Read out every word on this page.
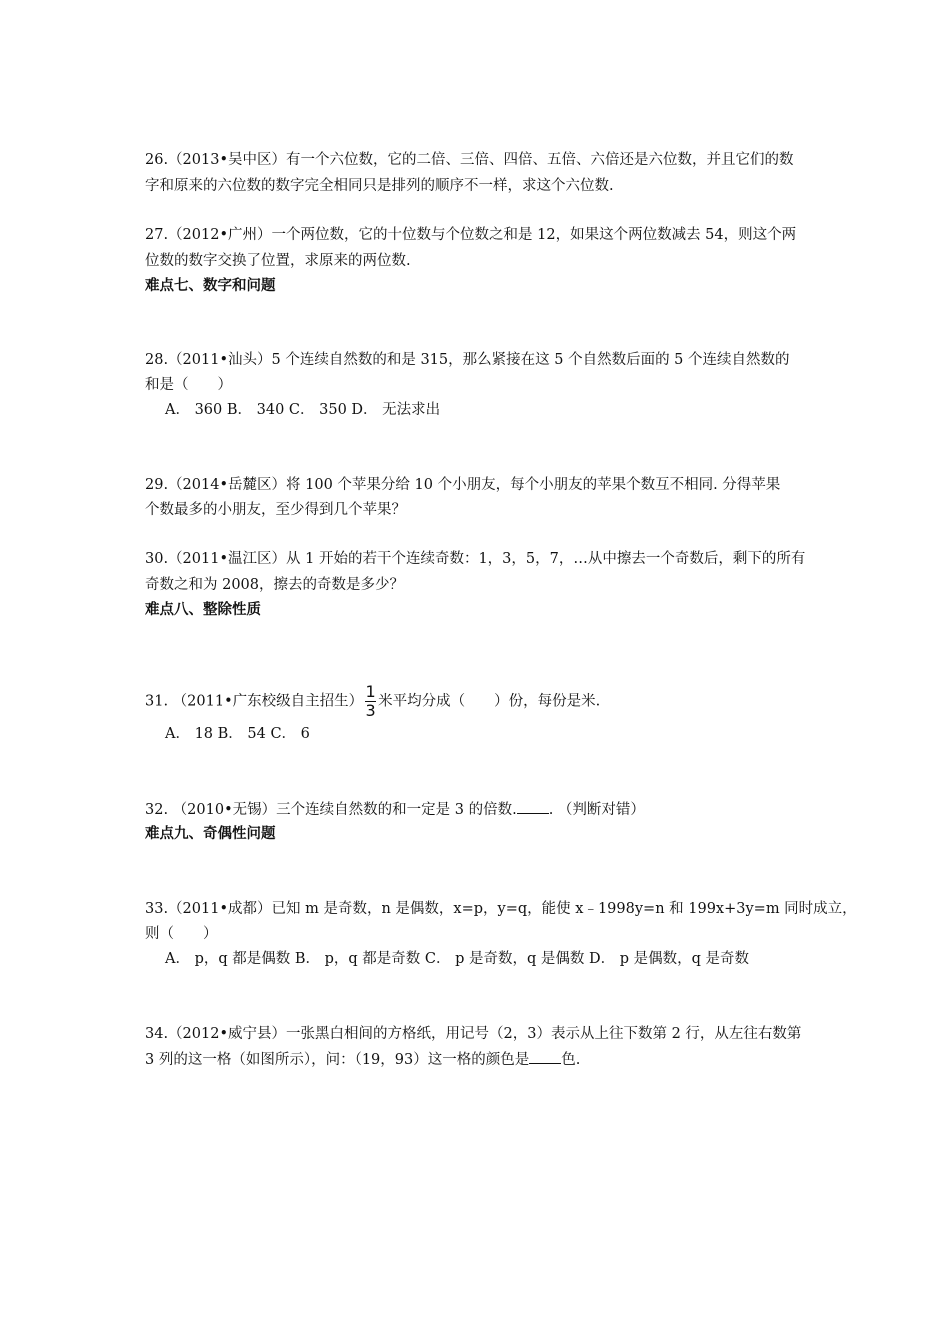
26.（2013•吴中区）有一个六位数，它的二倍、三倍、四倍、五倍、六倍还是六位数，并且它们的数
字和原来的六位数的数字完全相同只是排列的顺序不一样，求这个六位数.
27.（2012•广州）一个两位数，它的十位数与个位数之和是 12，如果这个两位数减去 54，则这个两
位数的数字交换了位置，求原来的两位数.
难点七、数字和问题
28.（2011•汕头）5 个连续自然数的和是 315，那么紧接在这 5 个自然数后面的 5 个连续自然数的
和是（　　）
A． 360 B． 340 C． 350 D． 无法求出
29.（2014•岳麓区）将 100 个苹果分给 10 个小朋友，每个小朋友的苹果个数互不相同. 分得苹果
个数最多的小朋友，至少得到几个苹果？
30.（2011•温江区）从 1 开始的若干个连续奇数：1，3，5，7，…从中擦去一个奇数后，剩下的所有
奇数之和为 2008，擦去的奇数是多少？
难点八、整除性质
31. （2011•广东校级自主招生） $\frac{1}{3}$ 米平均分成（　　）份，每份是米.
A． 18 B． 54 C． 6
32. （2010•无锡）三个连续自然数的和一定是 3 的倍数. . （判断对错）
难点九、奇偶性问题
33.（2011•成都）已知 m 是奇数，n 是偶数，x=p，y=q，能使 x﹣1998y=n 和 199x+3y=m 同时成立，
则（　　）
A． p，q 都是偶数 B． p，q 都是奇数 C． p 是奇数，q 是偶数 D． p 是偶数，q 是奇数
34.（2012•威宁县）一张黑白相间的方格纸，用记号（2，3）表示从上往下数第 2 行，从左往右数第
3 列的这一格（如图所示），问：（19，93）这一格的颜色是 色.
